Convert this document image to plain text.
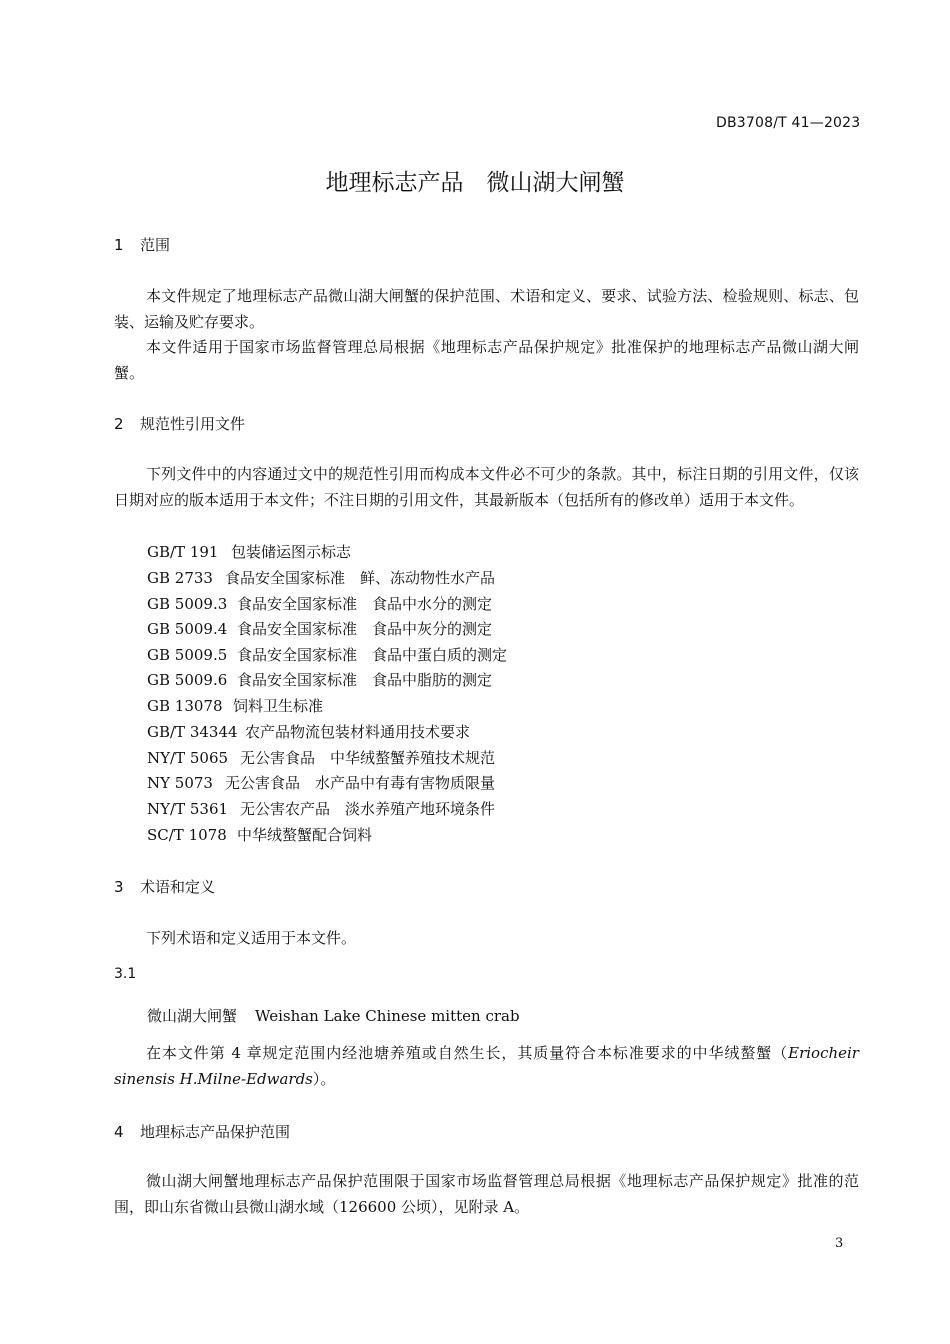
DB3708/T 41—2023
地理标志产品　微山湖大闸蟹
1 范围
本文件规定了地理标志产品微山湖大闸蟹的保护范围、术语和定义、要求、试验方法、检验规则、标志、包装、运输及贮存要求。
本文件适用于国家市场监督管理总局根据《地理标志产品保护规定》批准保护的地理标志产品微山湖大闸蟹。
2 规范性引用文件
下列文件中的内容通过文中的规范性引用而构成本文件必不可少的条款。其中，标注日期的引用文件，仅该日期对应的版本适用于本文件；不注日期的引用文件，其最新版本（包括所有的修改单）适用于本文件。
GB/T 191 包装储运图示标志
GB 2733 食品安全国家标准　鲜、冻动物性水产品
GB 5009.3 食品安全国家标准　食品中水分的测定
GB 5009.4 食品安全国家标准　食品中灰分的测定
GB 5009.5 食品安全国家标准　食品中蛋白质的测定
GB 5009.6 食品安全国家标准　食品中脂肪的测定
GB 13078 饲料卫生标准
GB/T 34344 农产品物流包装材料通用技术要求
NY/T 5065 无公害食品　中华绒螯蟹养殖技术规范
NY 5073 无公害食品　水产品中有毒有害物质限量
NY/T 5361 无公害农产品　淡水养殖产地环境条件
SC/T 1078 中华绒螯蟹配合饲料
3 术语和定义
下列术语和定义适用于本文件。
3.1
微山湖大闸蟹 Weishan Lake Chinese mitten crab
在本文件第 4 章规定范围内经池塘养殖或自然生长，其质量符合本标准要求的中华绒螯蟹（Eriocheir sinensis H.Milne-Edwards）。
4 地理标志产品保护范围
微山湖大闸蟹地理标志产品保护范围限于国家市场监督管理总局根据《地理标志产品保护规定》批准的范围，即山东省微山县微山湖水域（126600 公顷），见附录 A。
3
